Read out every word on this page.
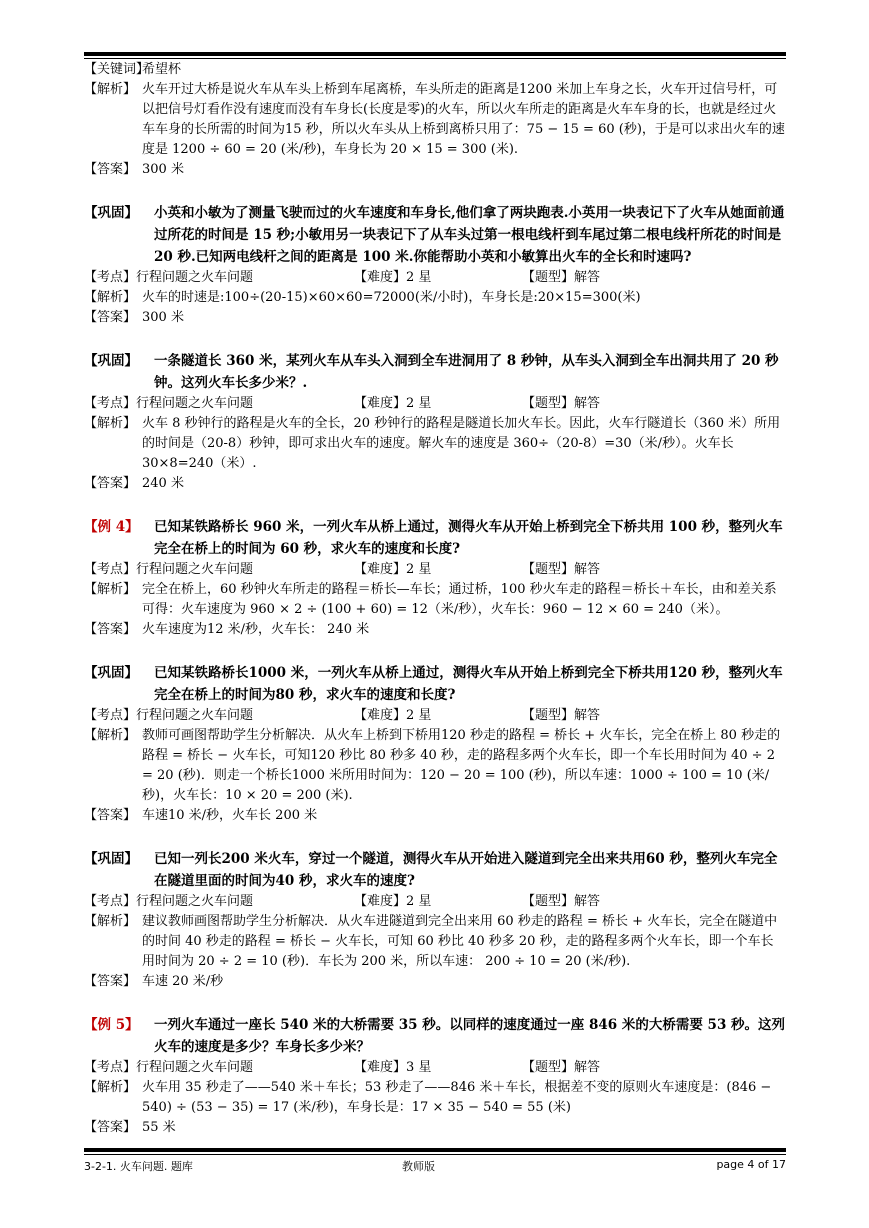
【关键词】
希望杯
【解析】 火车开过大桥是说火车从车头上桥到车尾离桥，车头所走的距离是1200 米加上车身之长，火车开过信号杆，可以把信号灯看作没有速度而没有车身长(长度是零)的火车，所以火车所走的距离是火车车身的长，也就是经过火车车身的长所需的时间为15 秒，所以火车头从上桥到离桥只用了：75 − 15 = 60 (秒)，于是可以求出火车的速度是 1200 ÷ 60 = 20 (米/秒)，车身长为 20 × 15 = 300 (米).
【答案】 300 米
【巩固】	小英和小敏为了测量飞驶而过的火车速度和车身长,他们拿了两块跑表.小英用一块表记下了火车从她面前通过所花的时间是 15 秒;小敏用另一块表记下了从车头过第一根电线杆到车尾过第二根电线杆所花的时间是 20 秒.已知两电线杆之间的距离是 100 米.你能帮助小英和小敏算出火车的全长和时速吗?
【考点】行程问题之火车问题	【难度】2 星	【题型】解答
【解析】 火车的时速是:100÷(20-15)×60×60=72000(米/小时)，车身长是:20×15=300(米)
【答案】 300 米
【巩固】	一条隧道长 360 米，某列火车从车头入洞到全车进洞用了 8 秒钟，从车头入洞到全车出洞共用了 20 秒钟。这列火车长多少米？.
【考点】行程问题之火车问题	【难度】2 星	【题型】解答
【解析】 火车 8 秒钟行的路程是火车的全长，20 秒钟行的路程是隧道长加火车长。因此，火车行隧道长（360 米）所用的时间是（20-8）秒钟，即可求出火车的速度。解火车的速度是 360÷（20-8）=30（米/秒）。火车长 30×8=240（米）.
【答案】 240 米
【例 4】	已知某铁路桥长 960 米，一列火车从桥上通过，测得火车从开始上桥到完全下桥共用 100 秒，整列火车完全在桥上的时间为 60 秒，求火车的速度和长度?
【考点】行程问题之火车问题	【难度】2 星	【题型】解答
【解析】 完全在桥上，60 秒钟火车所走的路程＝桥长—车长；通过桥，100 秒火车走的路程＝桥长＋车长，由和差关系可得：火车速度为 960 × 2 ÷ (100 + 60) = 12（米/秒），火车长：960 − 12 × 60 = 240（米）。
【答案】 火车速度为12 米/秒，火车长： 240 米
【巩固】	已知某铁路桥长1000 米，一列火车从桥上通过，测得火车从开始上桥到完全下桥共用120 秒，整列火车完全在桥上的时间为80 秒，求火车的速度和长度?
【考点】行程问题之火车问题	【难度】2 星	【题型】解答
【解析】 教师可画图帮助学生分析解决．从火车上桥到下桥用120 秒走的路程 = 桥长 + 火车长，完全在桥上 80 秒走的路程 = 桥长 − 火车长，可知120 秒比 80 秒多 40 秒，走的路程多两个火车长，即一个车长用时间为 40 ÷ 2 = 20 (秒)．则走一个桥长1000 米所用时间为：120 − 20 = 100 (秒)，所以车速：1000 ÷ 100 = 10 (米/秒)，火车长：10 × 20 = 200 (米).
【答案】 车速10 米/秒，火车长 200 米
【巩固】	已知一列长200 米火车，穿过一个隧道，测得火车从开始进入隧道到完全出来共用60 秒，整列火车完全在隧道里面的时间为40 秒，求火车的速度?
【考点】行程问题之火车问题	【难度】2 星	【题型】解答
【解析】 建议教师画图帮助学生分析解决．从火车进隧道到完全出来用 60 秒走的路程 = 桥长 + 火车长，完全在隧道中的时间 40 秒走的路程 = 桥长 − 火车长，可知 60 秒比 40 秒多 20 秒，走的路程多两个火车长，即一个车长用时间为 20 ÷ 2 = 10 (秒)．车长为 200 米，所以车速： 200 ÷ 10 = 20 (米/秒).
【答案】 车速 20 米/秒
【例 5】	一列火车通过一座长 540 米的大桥需要 35 秒。以同样的速度通过一座 846 米的大桥需要 53 秒。这列火车的速度是多少？车身长多少米？
【考点】行程问题之火车问题	【难度】3 星	【题型】解答
【解析】 火车用 35 秒走了——540 米＋车长；53 秒走了——846 米＋车长，根据差不变的原则火车速度是：(846 − 540) ÷ (53 − 35) = 17 (米/秒)，车身长是：17 × 35 − 540 = 55 (米)
【答案】 55 米
3-2-1. 火车问题. 题库	教师版	page 4 of 17
